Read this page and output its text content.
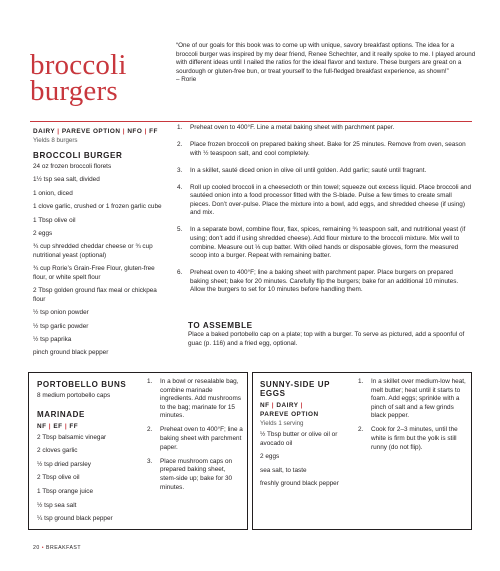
broccoli
burgers
“One of our goals for this book was to come up with unique, savory breakfast options. The idea for a broccoli burger was inspired by my dear friend, Renee Schechter, and it really spoke to me. I played around with different ideas until I nailed the ratios for the ideal flavor and texture. These burgers are great on a sourdough or gluten-free bun, or treat yourself to the full-fledged breakfast experience, as shown!”
– Rorie
DAIRY | PAREVE OPTION | NFO | FF
Yields 8 burgers
BROCCOLI BURGER
24 oz frozen broccoli florets
1½ tsp sea salt, divided
1 onion, diced
1 clove garlic, crushed or 1 frozen garlic cube
1 Tbsp olive oil
2 eggs
¾ cup shredded cheddar cheese or ¾ cup nutritional yeast (optional)
¾ cup Rorie’s Grain-Free Flour, gluten-free flour, or white spelt flour
2 Tbsp golden ground flax meal or chickpea flour
½ tsp onion powder
½ tsp garlic powder
½ tsp paprika
pinch ground black pepper
1.	Preheat oven to 400°F. Line a metal baking sheet with parchment paper.
2.	Place frozen broccoli on prepared baking sheet. Bake for 25 minutes. Remove from oven, season with ½ teaspoon salt, and cool completely.
3.	In a skillet, sauté diced onion in olive oil until golden. Add garlic; sauté until fragrant.
4.	Roll up cooled broccoli in a cheesecloth or thin towel; squeeze out excess liquid. Place broccoli and sautéed onion into a food processor fitted with the S-blade. Pulse a few times to create small pieces. Don’t over-pulse. Place the mixture into a bowl, add eggs, and shredded cheese (if using) and mix.
5.	In a separate bowl, combine flour, flax, spices, remaining ¾ teaspoon salt, and nutritional yeast (if using; don’t add if using shredded cheese). Add flour mixture to the broccoli mixture. Mix well to combine. Measure out ⅓ cup batter. With oiled hands or disposable gloves, form the measured scoop into a burger. Repeat with remaining batter.
6.	Preheat oven to 400°F; line a baking sheet with parchment paper. Place burgers on prepared baking sheet; bake for 20 minutes. Carefully flip the burgers; bake for an additional 10 minutes. Allow the burgers to set for 10 minutes before handling them.
TO ASSEMBLE
Place a baked portobello cap on a plate; top with a burger. To serve as pictured, add a spoonful of guac (p. 116) and a fried egg, optional.
PORTOBELLO BUNS
8 medium portobello caps
MARINADE
NF | EF | FF
2 Tbsp balsamic vinegar
2 cloves garlic
½ tsp dried parsley
2 Tbsp olive oil
1 Tbsp orange juice
½ tsp sea salt
¼ tsp ground black pepper
1.	In a bowl or resealable bag, combine marinade ingredients. Add mushrooms to the bag; marinate for 15 minutes.
2.	Preheat oven to 400°F; line a baking sheet with parchment paper.
3.	Place mushroom caps on prepared baking sheet, stem-side up; bake for 30 minutes.
SUNNY-SIDE UP EGGS
NF | DAIRY |
PAREVE OPTION
Yields 1 serving
½ Tbsp butter or olive oil or avocado oil
2 eggs
sea salt, to taste
freshly ground black pepper
1.	In a skillet over medium-low heat, melt butter; heat until it starts to foam. Add eggs; sprinkle with a pinch of salt and a few grinds black pepper.
2.	Cook for 2–3 minutes, until the white is firm but the yolk is still runny (do not flip).
20 • BREAKFAST
